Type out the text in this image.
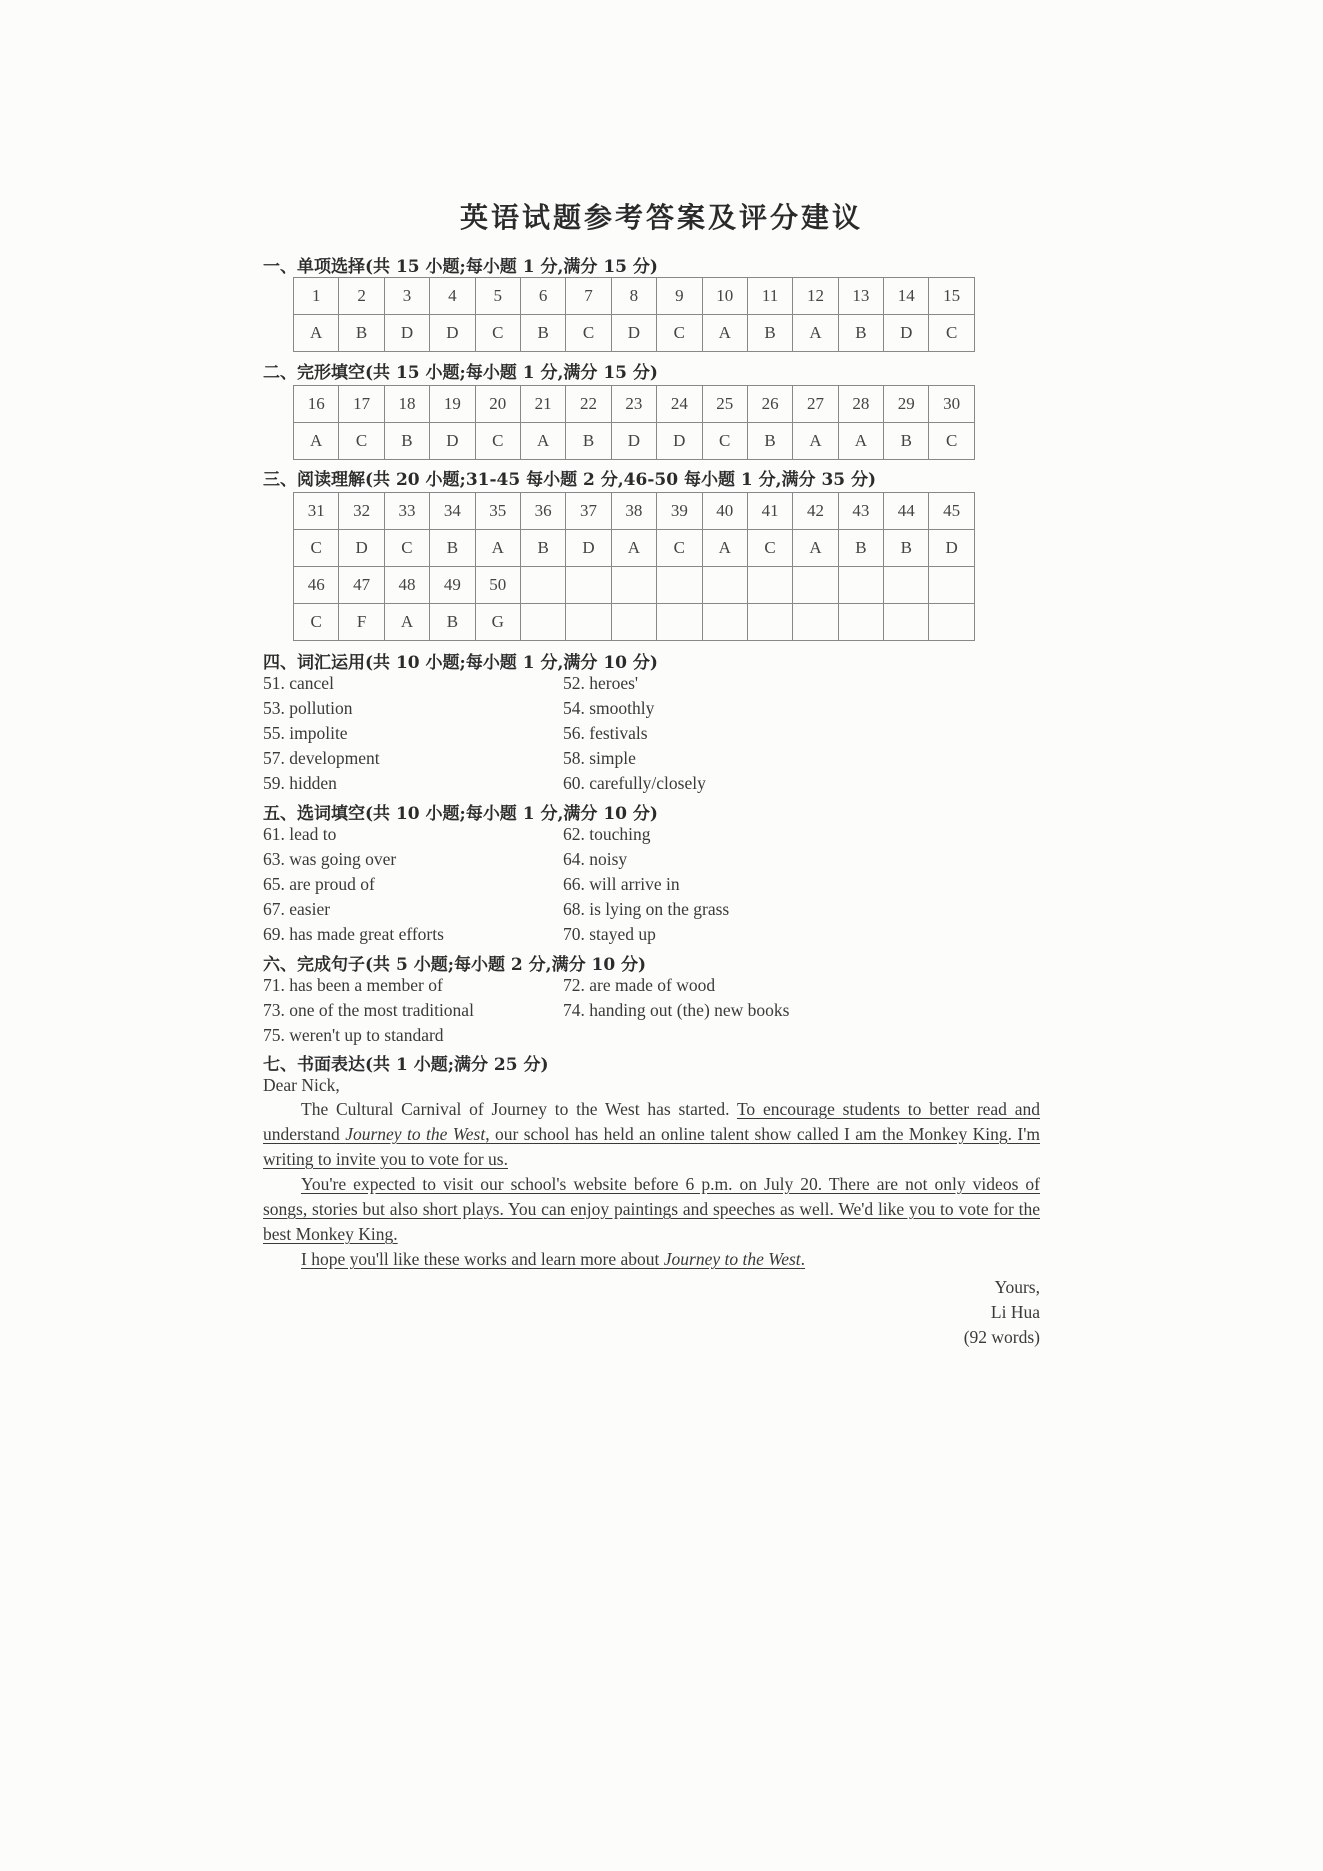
英语试题参考答案及评分建议
一、单项选择(共 15 小题;每小题 1 分,满分 15 分)
1	2	3	4	5	6	7	8	9	10	11	12	13	14	15
A	B	D	D	C	B	C	D	C	A	B	A	B	D	C
二、完形填空(共 15 小题;每小题 1 分,满分 15 分)
16	17	18	19	20	21	22	23	24	25	26	27	28	29	30
A	C	B	D	C	A	B	D	D	C	B	A	A	B	C
三、阅读理解(共 20 小题;31-45 每小题 2 分,46-50 每小题 1 分,满分 35 分)
31	32	33	34	35	36	37	38	39	40	41	42	43	44	45
C	D	C	B	A	B	D	A	C	A	C	A	B	B	D
46	47	48	49	50										
C	F	A	B	G										
四、词汇运用(共 10 小题;每小题 1 分,满分 10 分)
51. cancel	52. heroes'
53. pollution	54. smoothly
55. impolite	56. festivals
57. development	58. simple
59. hidden	60. carefully/closely
五、选词填空(共 10 小题;每小题 1 分,满分 10 分)
61. lead to	62. touching
63. was going over	64. noisy
65. are proud of	66. will arrive in
67. easier	68. is lying on the grass
69. has made great efforts	70. stayed up
六、完成句子(共 5 小题;每小题 2 分,满分 10 分)
71. has been a member of	72. are made of wood
73. one of the most traditional	74. handing out (the) new books
75. weren't up to standard
七、书面表达(共 1 小题;满分 25 分)
Dear Nick,
The Cultural Carnival of Journey to the West has started. To encourage students to better read and understand Journey to the West, our school has held an online talent show called I am the Monkey King. I'm writing to invite you to vote for us.
You're expected to visit our school's website before 6 p.m. on July 20. There are not only videos of songs, stories but also short plays. You can enjoy paintings and speeches as well. We'd like you to vote for the best Monkey King.
I hope you'll like these works and learn more about Journey to the West.
Yours,
Li Hua
(92 words)
